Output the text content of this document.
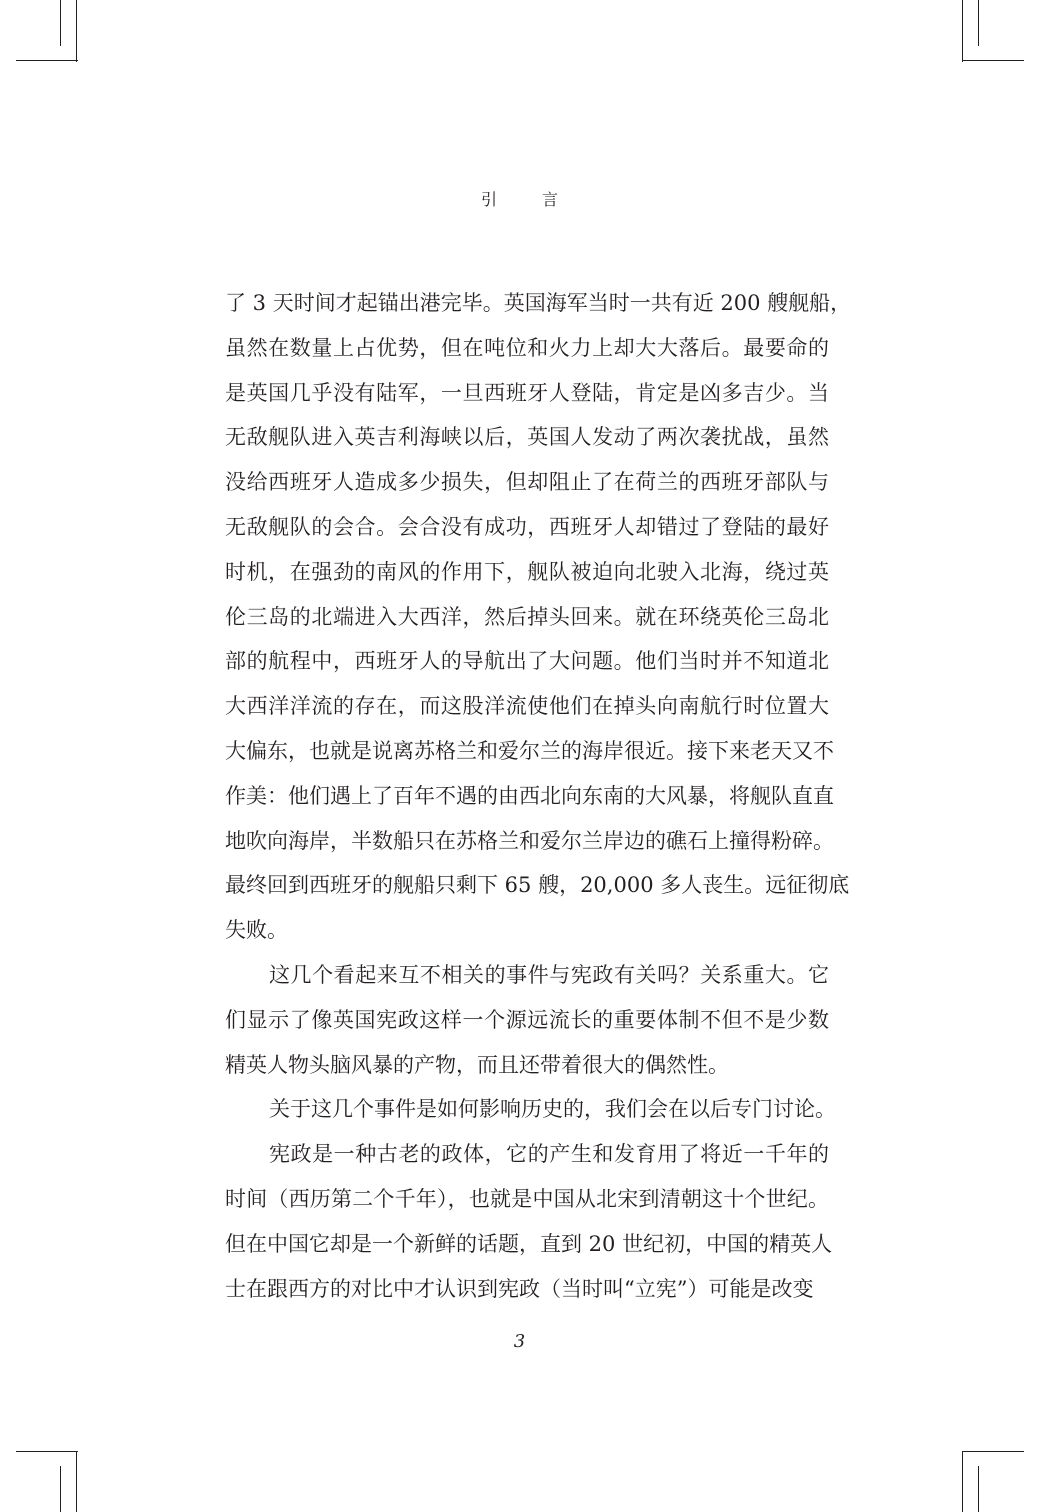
引 言

了 3 天时间才起锚出港完毕。英国海军当时一共有近 200 艘舰船，
虽然在数量上占优势，但在吨位和火力上却大大落后。最要命的
是英国几乎没有陆军，一旦西班牙人登陆，肯定是凶多吉少。当
无敌舰队进入英吉利海峡以后，英国人发动了两次袭扰战，虽然
没给西班牙人造成多少损失，但却阻止了在荷兰的西班牙部队与
无敌舰队的会合。会合没有成功，西班牙人却错过了登陆的最好
时机，在强劲的南风的作用下，舰队被迫向北驶入北海，绕过英
伦三岛的北端进入大西洋，然后掉头回来。就在环绕英伦三岛北
部的航程中，西班牙人的导航出了大问题。他们当时并不知道北
大西洋洋流的存在，而这股洋流使他们在掉头向南航行时位置大
大偏东，也就是说离苏格兰和爱尔兰的海岸很近。接下来老天又不
作美：他们遇上了百年不遇的由西北向东南的大风暴，将舰队直直
地吹向海岸，半数船只在苏格兰和爱尔兰岸边的礁石上撞得粉碎。
最终回到西班牙的舰船只剩下 65 艘，20,000 多人丧生。远征彻底
失败。

这几个看起来互不相关的事件与宪政有关吗？关系重大。它
们显示了像英国宪政这样一个源远流长的重要体制不但不是少数
精英人物头脑风暴的产物，而且还带着很大的偶然性。

关于这几个事件是如何影响历史的，我们会在以后专门讨论。

宪政是一种古老的政体，它的产生和发育用了将近一千年的
时间（西历第二个千年），也就是中国从北宋到清朝这十个世纪。
但在中国它却是一个新鲜的话题，直到 20 世纪初，中国的精英人
士在跟西方的对比中才认识到宪政（当时叫“立宪”）可能是改变

3
